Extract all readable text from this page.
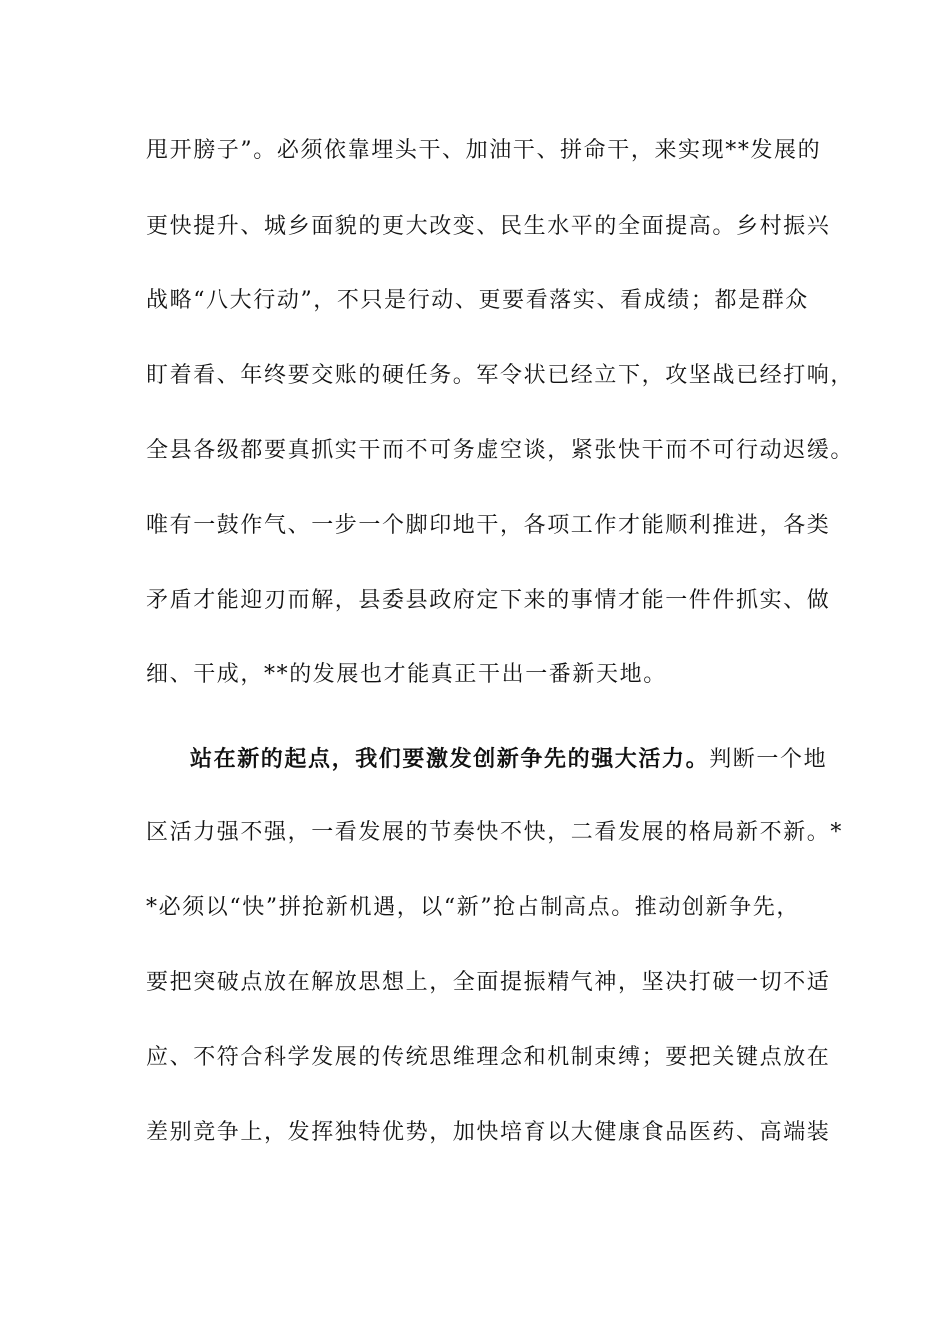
甩开膀子”。必须依靠埋头干、加油干、拼命干，来实现**发展的
更快提升、城乡面貌的更大改变、民生水平的全面提高。乡村振兴
战略“八大行动”，不只是行动、更要看落实、看成绩；都是群众
盯着看、年终要交账的硬任务。军令状已经立下，攻坚战已经打响，
全县各级都要真抓实干而不可务虚空谈，紧张快干而不可行动迟缓。
唯有一鼓作气、一步一个脚印地干，各项工作才能顺利推进，各类
矛盾才能迎刃而解，县委县政府定下来的事情才能一件件抓实、做
细、干成，**的发展也才能真正干出一番新天地。
站在新的起点，我们要激发创新争先的强大活力。判断一个地
区活力强不强，一看发展的节奏快不快，二看发展的格局新不新。*
*必须以“快”拼抢新机遇，以“新”抢占制高点。推动创新争先，
要把突破点放在解放思想上，全面提振精气神，坚决打破一切不适
应、不符合科学发展的传统思维理念和机制束缚；要把关键点放在
差别竞争上，发挥独特优势，加快培育以大健康食品医药、高端装
